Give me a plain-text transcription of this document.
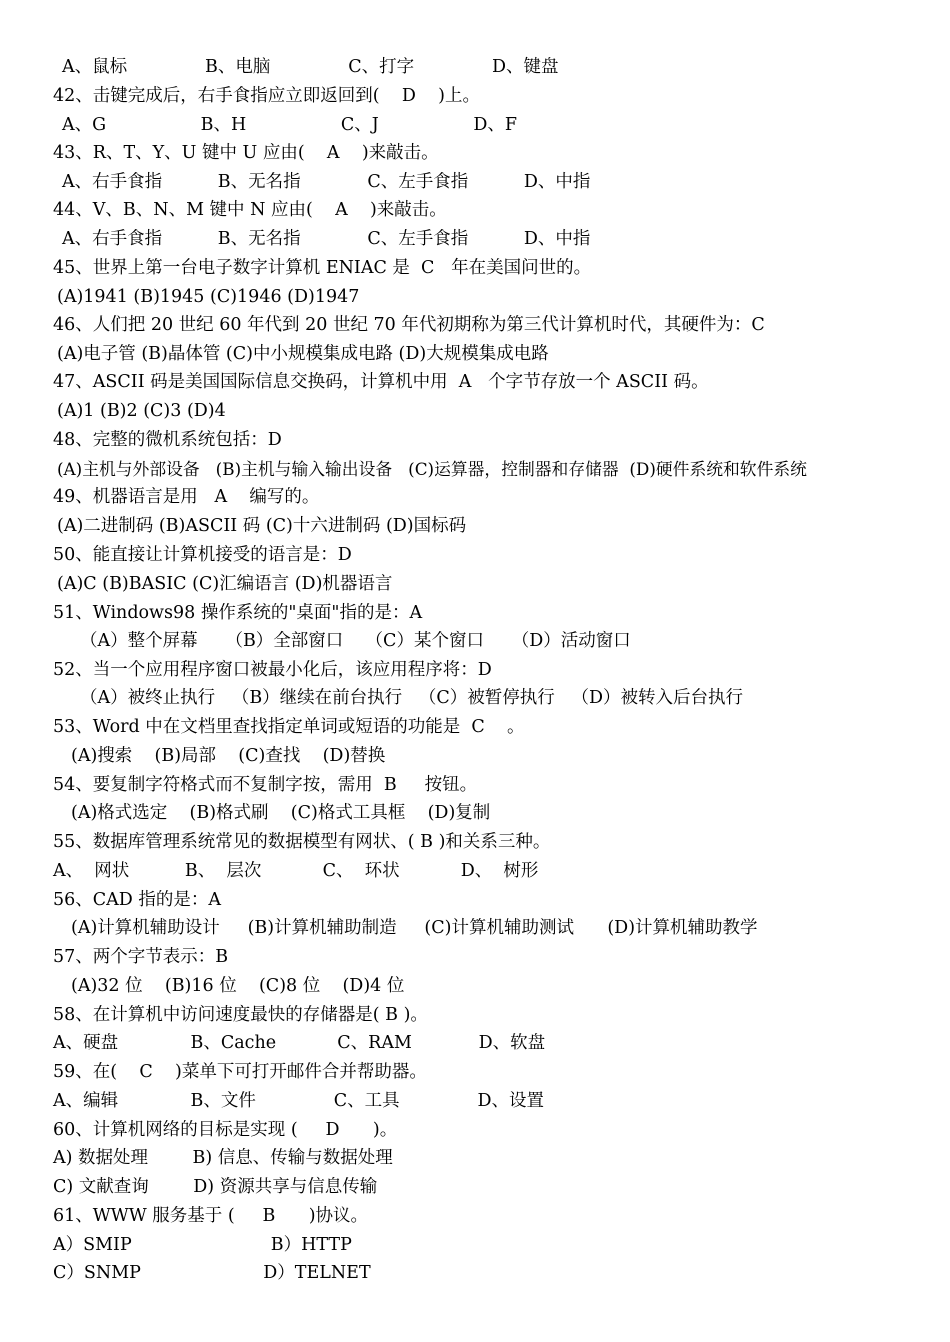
A、鼠标              B、电脑              C、打字              D、键盘
42、击键完成后，右手食指应立即返回到(    D    )上。
A、G                 B、H                 C、J                 D、F
43、R、T、Y、U 键中 U 应由(    A    )来敲击。
A、右手食指          B、无名指            C、左手食指          D、中指
44、V、B、N、M 键中 N 应由(    A    )来敲击。
A、右手食指          B、无名指            C、左手食指          D、中指
45、世界上第一台电子数字计算机 ENIAC 是  C   年在美国问世的。
(A)1941 (B)1945 (C)1946 (D)1947
46、人们把 20 世纪 60 年代到 20 世纪 70 年代初期称为第三代计算机时代，其硬件为：C
(A)电子管 (B)晶体管 (C)中小规模集成电路 (D)大规模集成电路
47、ASCII 码是美国国际信息交换码，计算机中用  A   个字节存放一个 ASCII 码。
(A)1 (B)2 (C)3 (D)4
48、完整的微机系统包括：D
(A)主机与外部设备   (B)主机与输入输出设备   (C)运算器，控制器和存储器  (D)硬件系统和软件系统
49、机器语言是用   A    编写的。
(A)二进制码 (B)ASCII 码 (C)十六进制码 (D)国标码
50、能直接让计算机接受的语言是：D
(A)C (B)BASIC (C)汇编语言 (D)机器语言
51、Windows98 操作系统的"桌面"指的是：A
（A）整个屏幕     （B）全部窗口    （C）某个窗口     （D）活动窗口
52、当一个应用程序窗口被最小化后，该应用程序将：D
（A）被终止执行   （B）继续在前台执行   （C）被暂停执行   （D）被转入后台执行
53、Word 中在文档里查找指定单词或短语的功能是  C    。
(A)搜索    (B)局部    (C)查找    (D)替换
54、要复制字符格式而不复制字按，需用  B     按钮。
(A)格式选定    (B)格式刷    (C)格式工具框    (D)复制
55、数据库管理系统常见的数据模型有网状、( B )和关系三种。
A、  网状          B、  层次           C、  环状           D、  树形
56、CAD 指的是：A
(A)计算机辅助设计     (B)计算机辅助制造     (C)计算机辅助测试      (D)计算机辅助教学
57、两个字节表示：B
(A)32 位    (B)16 位    (C)8 位    (D)4 位
58、在计算机中访问速度最快的存储器是( B )。
A、硬盘             B、Cache           C、RAM            D、软盘
59、在(    C    )菜单下可打开邮件合并帮助器。
A、编辑             B、文件              C、工具              D、设置
60、计算机网络的目标是实现 (     D      )。
A) 数据处理        B) 信息、传输与数据处理
C) 文献查询        D) 资源共享与信息传输
61、WWW 服务基于 (     B      )协议。
A）SMIP                         B）HTTP
C）SNMP                      D）TELNET
